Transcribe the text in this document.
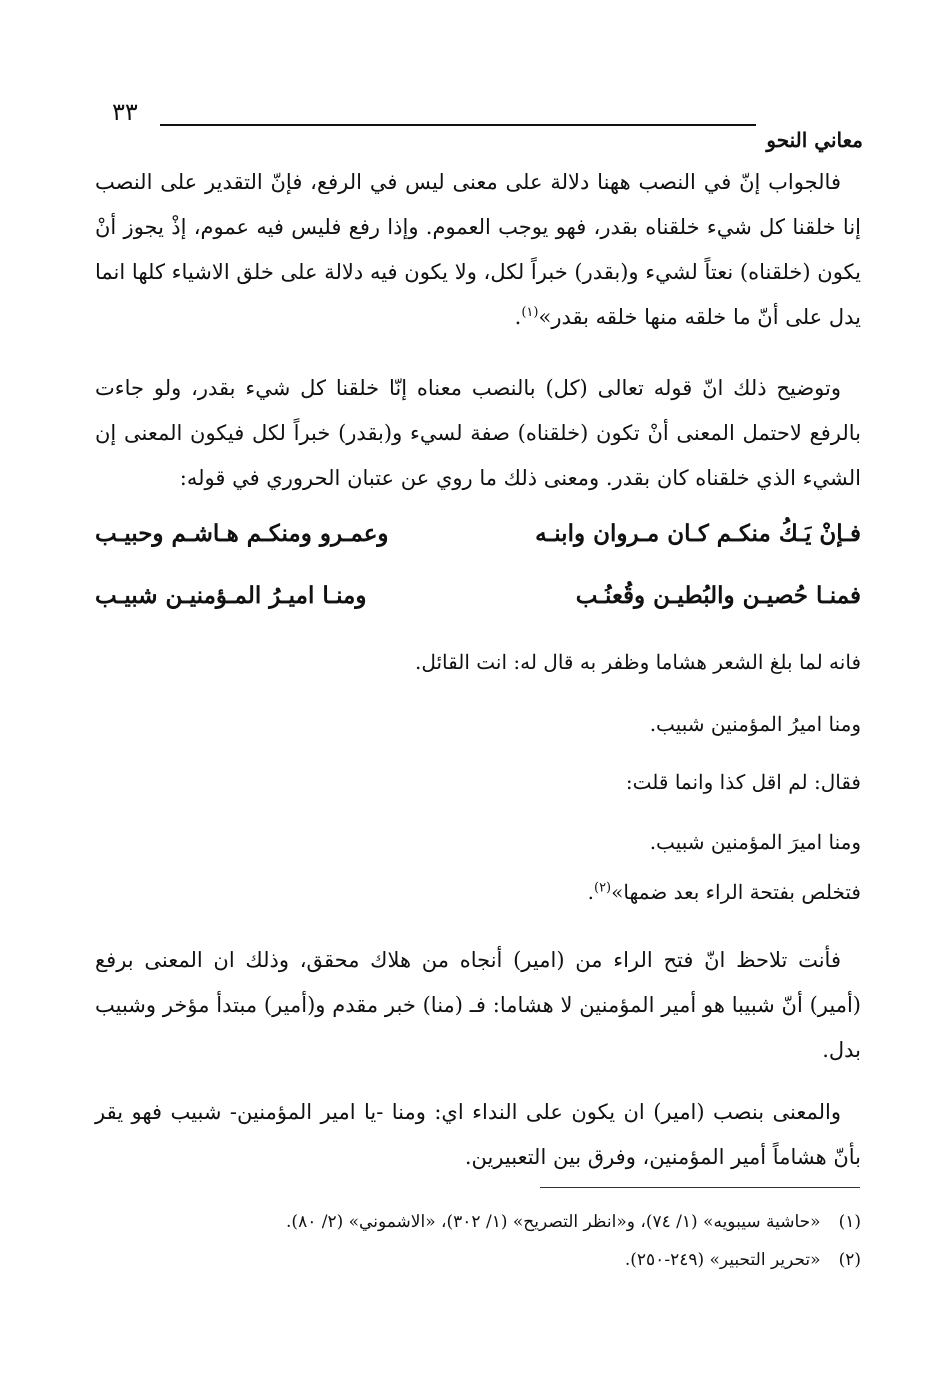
٣٣
معاني النحو

فالجواب إنّ في النصب ههنا دلالة على معنى ليس في الرفع، فإنّ التقدير على النصب إنا خلقنا كل شيء خلقناه بقدر، فهو يوجب العموم. وإذا رفع فليس فيه عموم، إذْ يجوز أنْ يكون (خلقناه) نعتاً لشيء و(بقدر) خبراً لكل، ولا يكون فيه دلالة على خلق الاشياء كلها انما يدل على أنّ ما خلقه منها خلقه بقدر»$^{(١)}$.

وتوضيح ذلك انّ قوله تعالى (كل) بالنصب معناه إنّا خلقنا كل شيء بقدر، ولو جاءت بالرفع لاحتمل المعنى أنْ تكون (خلقناه) صفة لسيء و(بقدر) خبراً لكل فيكون المعنى إن الشيء الذي خلقناه كان بقدر. ومعنى ذلك ما روي عن عتبان الحروري في قوله:

فـإنْ يَـكُ منكـم كـان مـروان وابنـه
وعمـرو ومنكـم هـاشـم وحبيـب
فمنـا حُصيـن والبُطيـن وقُعنُـب
ومنـا اميـرُ المـؤمنيـن شبيـب
فانه لما بلغ الشعر هشاما وظفر به قال له: انت القائل.
ومنا اميرُ المؤمنين شبيب.
فقال: لم اقل كذا وانما قلت:
ومنا اميرَ المؤمنين شبيب.
فتخلص بفتحة الراء بعد ضمها»$^{(٢)}$.

فأنت تلاحظ انّ فتح الراء من (امير) أنجاه من هلاك محقق، وذلك ان المعنى برفع (أمير) أنّ شبيبا هو أمير المؤمنين لا هشاما: فـ (منا) خبر مقدم و(أمير) مبتدأ مؤخر وشبيب بدل.

والمعنى بنصب (امير) ان يكون على النداء اي: ومنا -يا امير المؤمنين- شبيب فهو يقر بأنّ هشاماً أمير المؤمنين، وفرق بين التعبيرين.

(١)«حاشية سيبويه» (١/ ٧٤)، و«انظر التصريح» (١/ ٣٠٢)، «الاشموني» (٢/ ٨٠).
(٢)«تحرير التحبير» (٢٤٩-٢٥٠).
